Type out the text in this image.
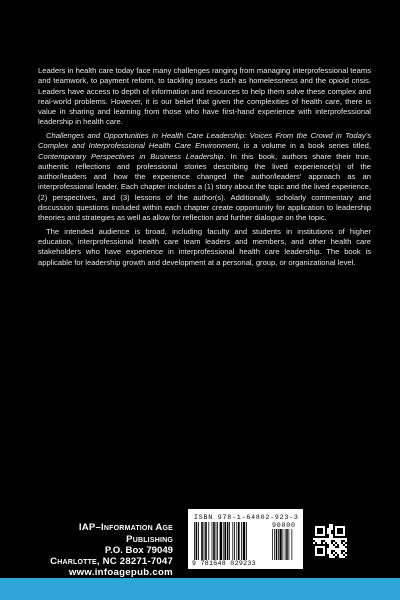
Leaders in health care today face many challenges ranging from managing interprofessional teams and teamwork, to payment reform, to tackling issues such as homelessness and the opioid crisis. Leaders have access to depth of information and resources to help them solve these complex and real-world problems. However, it is our belief that given the complexities of health care, there is value in sharing and learning from those who have first-hand experience with interprofessional leadership in health care.

Challenges and Opportunities in Health Care Leadership: Voices From the Crowd in Today’s Complex and Interprofessional Health Care Environment, is a volume in a book series titled, Contemporary Perspectives in Business Leadership. In this book, authors share their true, authentic reflections and professional stories describing the lived experience(s) of the author/leaders and how the experience changed the author/leaders’ approach as an interprofessional leader. Each chapter includes a (1) story about the topic and the lived experience, (2) perspectives, and (3) lessons of the author(s). Additionally, scholarly commentary and discussion questions included within each chapter create opportunity for application to leadership theories and strategies as well as allow for reflection and further dialogue on the topic.

The intended audience is broad, including faculty and students in institutions of higher education, interprofessional health care team leaders and members, and other health care stakeholders who have experience in interprofessional health care leadership. The book is applicable for leadership growth and development at a personal, group, or organizational level.

IAP–Information Age Publishing
P.O. Box 79049
Charlotte, NC 28271-7047
www.infoagepub.com
ISBN 978-1-64802-923-3
90000
9 781648 029233
